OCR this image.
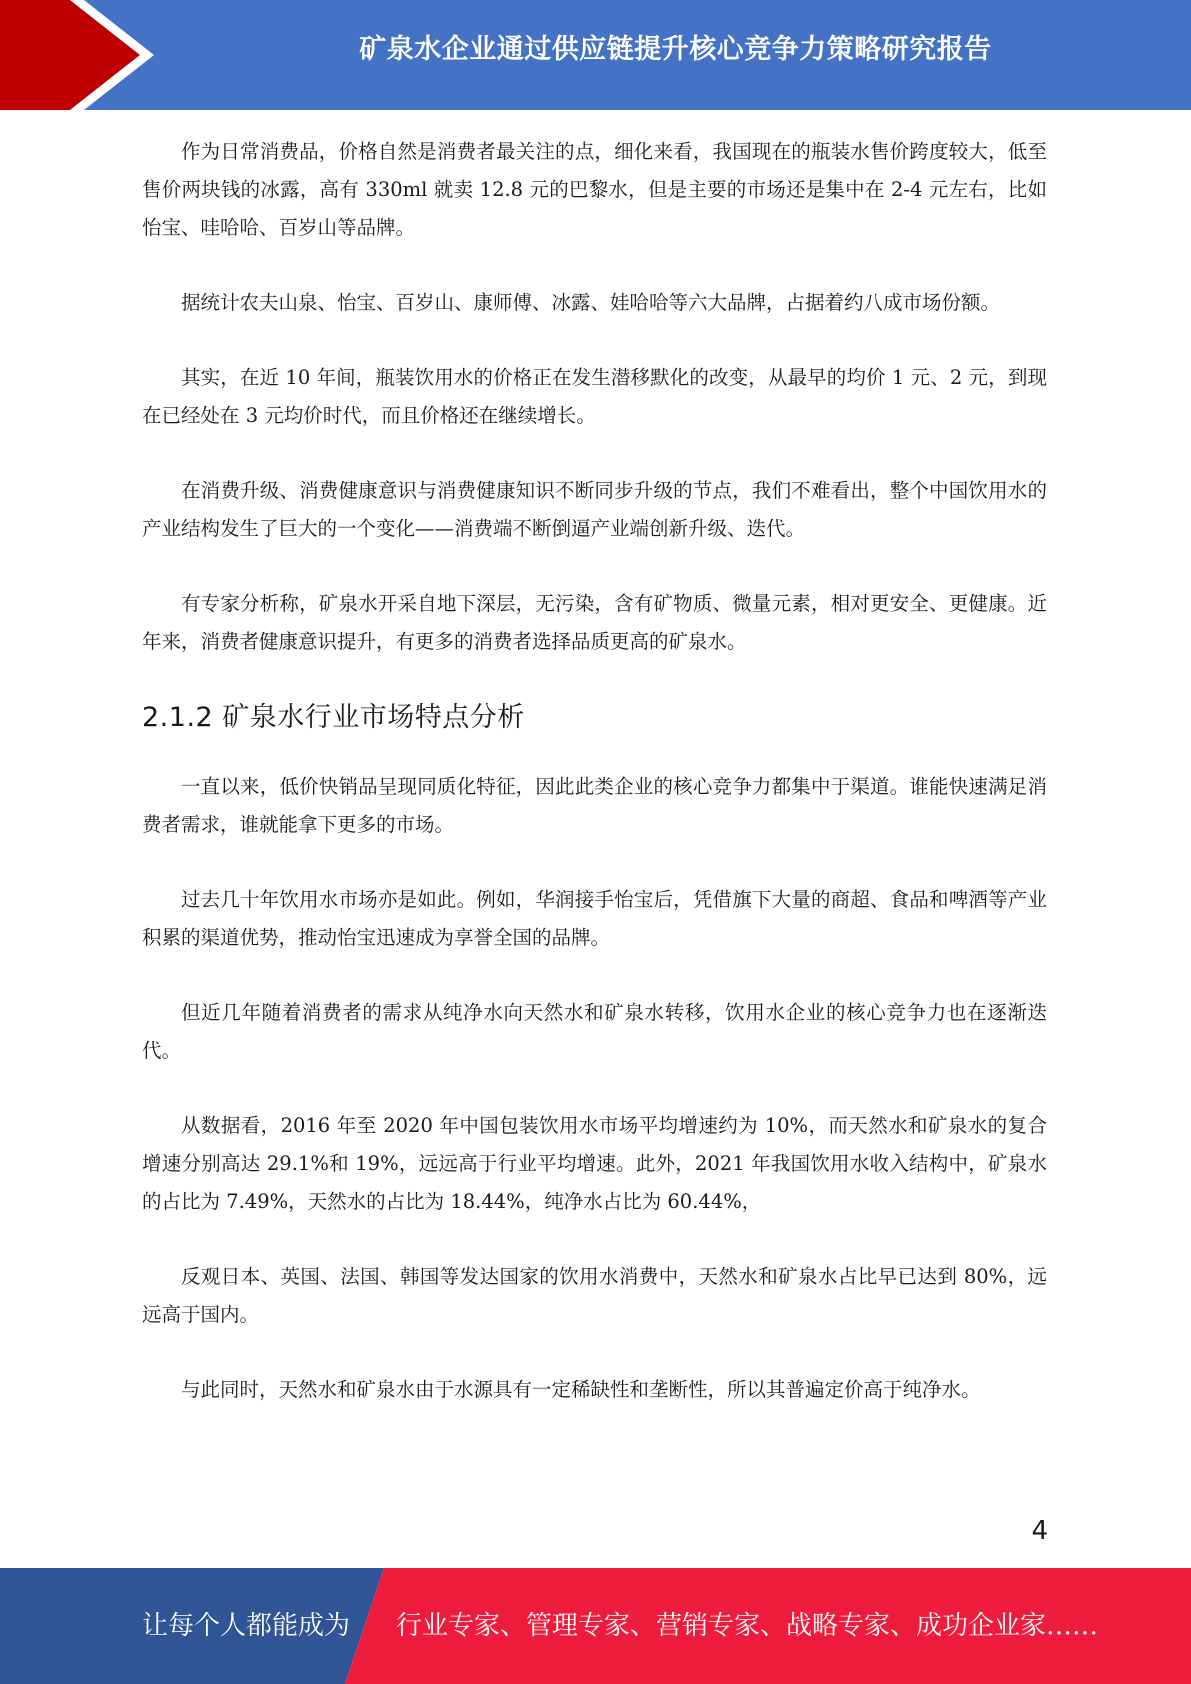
矿泉水企业通过供应链提升核心竞争力策略研究报告

作为日常消费品，价格自然是消费者最关注的点，细化来看，我国现在的瓶装水售价跨度较大，低至售价两块钱的冰露，高有 330ml 就卖 12.8 元的巴黎水，但是主要的市场还是集中在 2-4 元左右，比如怡宝、哇哈哈、百岁山等品牌。

据统计农夫山泉、怡宝、百岁山、康师傅、冰露、娃哈哈等六大品牌，占据着约八成市场份额。

其实，在近 10 年间，瓶装饮用水的价格正在发生潜移默化的改变，从最早的均价 1 元、2 元，到现在已经处在 3 元均价时代，而且价格还在继续增长。

在消费升级、消费健康意识与消费健康知识不断同步升级的节点，我们不难看出，整个中国饮用水的产业结构发生了巨大的一个变化——消费端不断倒逼产业端创新升级、迭代。

有专家分析称，矿泉水开采自地下深层，无污染，含有矿物质、微量元素，相对更安全、更健康。近年来，消费者健康意识提升，有更多的消费者选择品质更高的矿泉水。

2.1.2 矿泉水行业市场特点分析

一直以来，低价快销品呈现同质化特征，因此此类企业的核心竞争力都集中于渠道。谁能快速满足消费者需求，谁就能拿下更多的市场。

过去几十年饮用水市场亦是如此。例如，华润接手怡宝后，凭借旗下大量的商超、食品和啤酒等产业积累的渠道优势，推动怡宝迅速成为享誉全国的品牌。

但近几年随着消费者的需求从纯净水向天然水和矿泉水转移，饮用水企业的核心竞争力也在逐渐迭代。

从数据看，2016 年至 2020 年中国包装饮用水市场平均增速约为 10%，而天然水和矿泉水的复合增速分别高达 29.1%和 19%，远远高于行业平均增速。此外，2021 年我国饮用水收入结构中，矿泉水的占比为 7.49%，天然水的占比为 18.44%，纯净水占比为 60.44%，

反观日本、英国、法国、韩国等发达国家的饮用水消费中，天然水和矿泉水占比早已达到 80%，远远高于国内。

与此同时，天然水和矿泉水由于水源具有一定稀缺性和垄断性，所以其普遍定价高于纯净水。

4
让每个人都能成为 行业专家、管理专家、营销专家、战略专家、成功企业家……
